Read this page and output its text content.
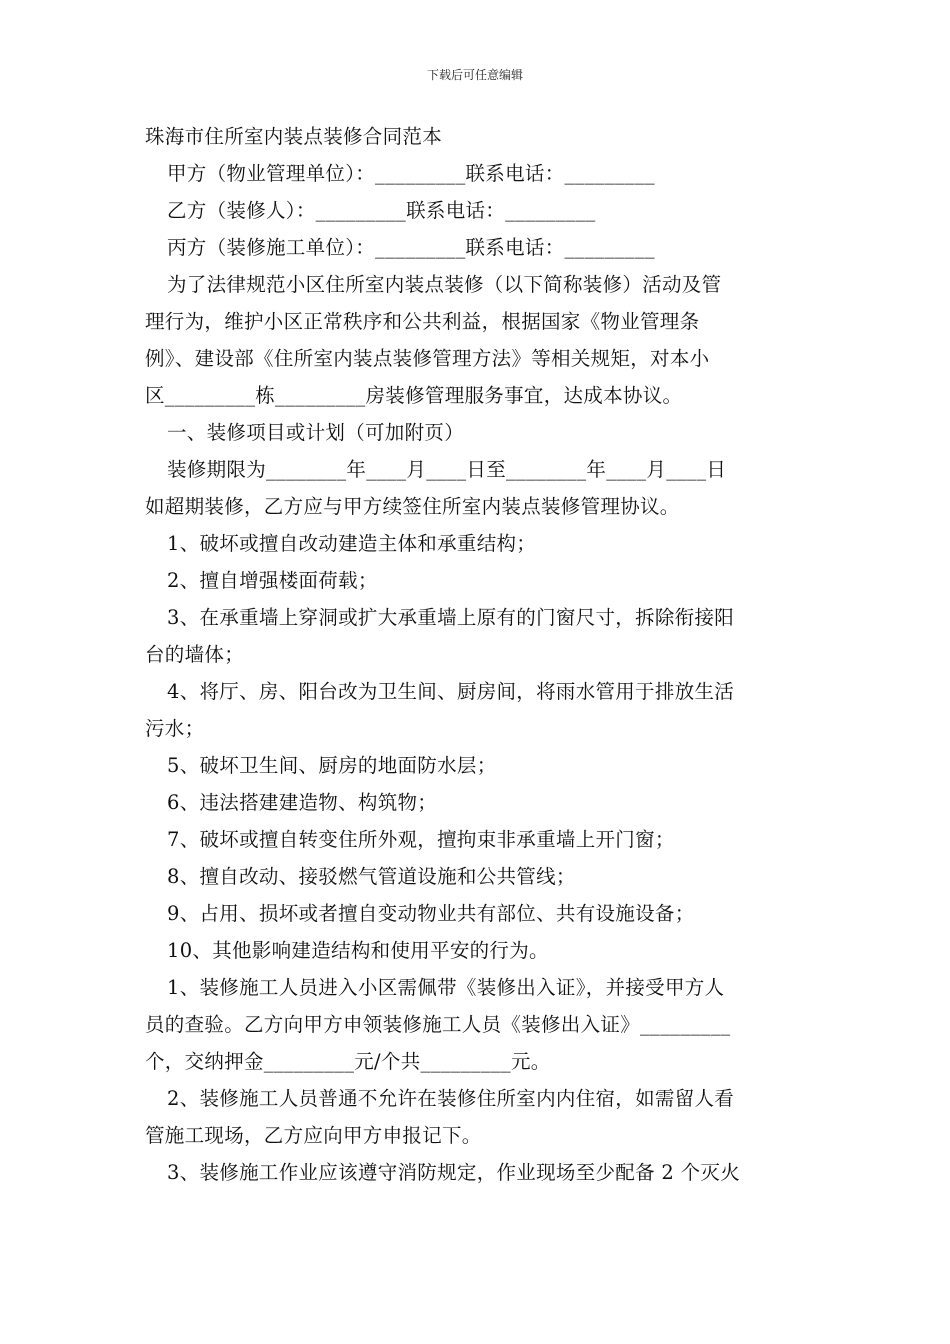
下载后可任意编辑
珠海市住所室内装点装修合同范本
甲方（物业管理单位）：_________联系电话：_________
乙方（装修人）：_________联系电话：_________
丙方（装修施工单位）：_________联系电话：_________
为了法律规范小区住所室内装点装修（以下简称装修）活动及管
理行为，维护小区正常秩序和公共利益，根据国家《物业管理条
例》、建设部《住所室内装点装修管理方法》等相关规矩，对本小
区_________栋_________房装修管理服务事宜，达成本协议。
一、装修项目或计划（可加附页）
装修期限为________年____月____日至________年____月____日
如超期装修，乙方应与甲方续签住所室内装点装修管理协议。
1、破坏或擅自改动建造主体和承重结构；
2、擅自增强楼面荷载；
3、在承重墙上穿洞或扩大承重墙上原有的门窗尺寸，拆除衔接阳
台的墙体；
4、将厅、房、阳台改为卫生间、厨房间，将雨水管用于排放生活
污水；
5、破坏卫生间、厨房的地面防水层；
6、违法搭建建造物、构筑物；
7、破坏或擅自转变住所外观，擅拘束非承重墙上开门窗；
8、擅自改动、接驳燃气管道设施和公共管线；
9、占用、损坏或者擅自变动物业共有部位、共有设施设备；
10、其他影响建造结构和使用平安的行为。
1、装修施工人员进入小区需佩带《装修出入证》，并接受甲方人
员的查验。乙方向甲方申领装修施工人员《装修出入证》_________
个，交纳押金_________元/个共_________元。
2、装修施工人员普通不允许在装修住所室内内住宿，如需留人看
管施工现场，乙方应向甲方申报记下。
3、装修施工作业应该遵守消防规定，作业现场至少配备 2 个灭火
